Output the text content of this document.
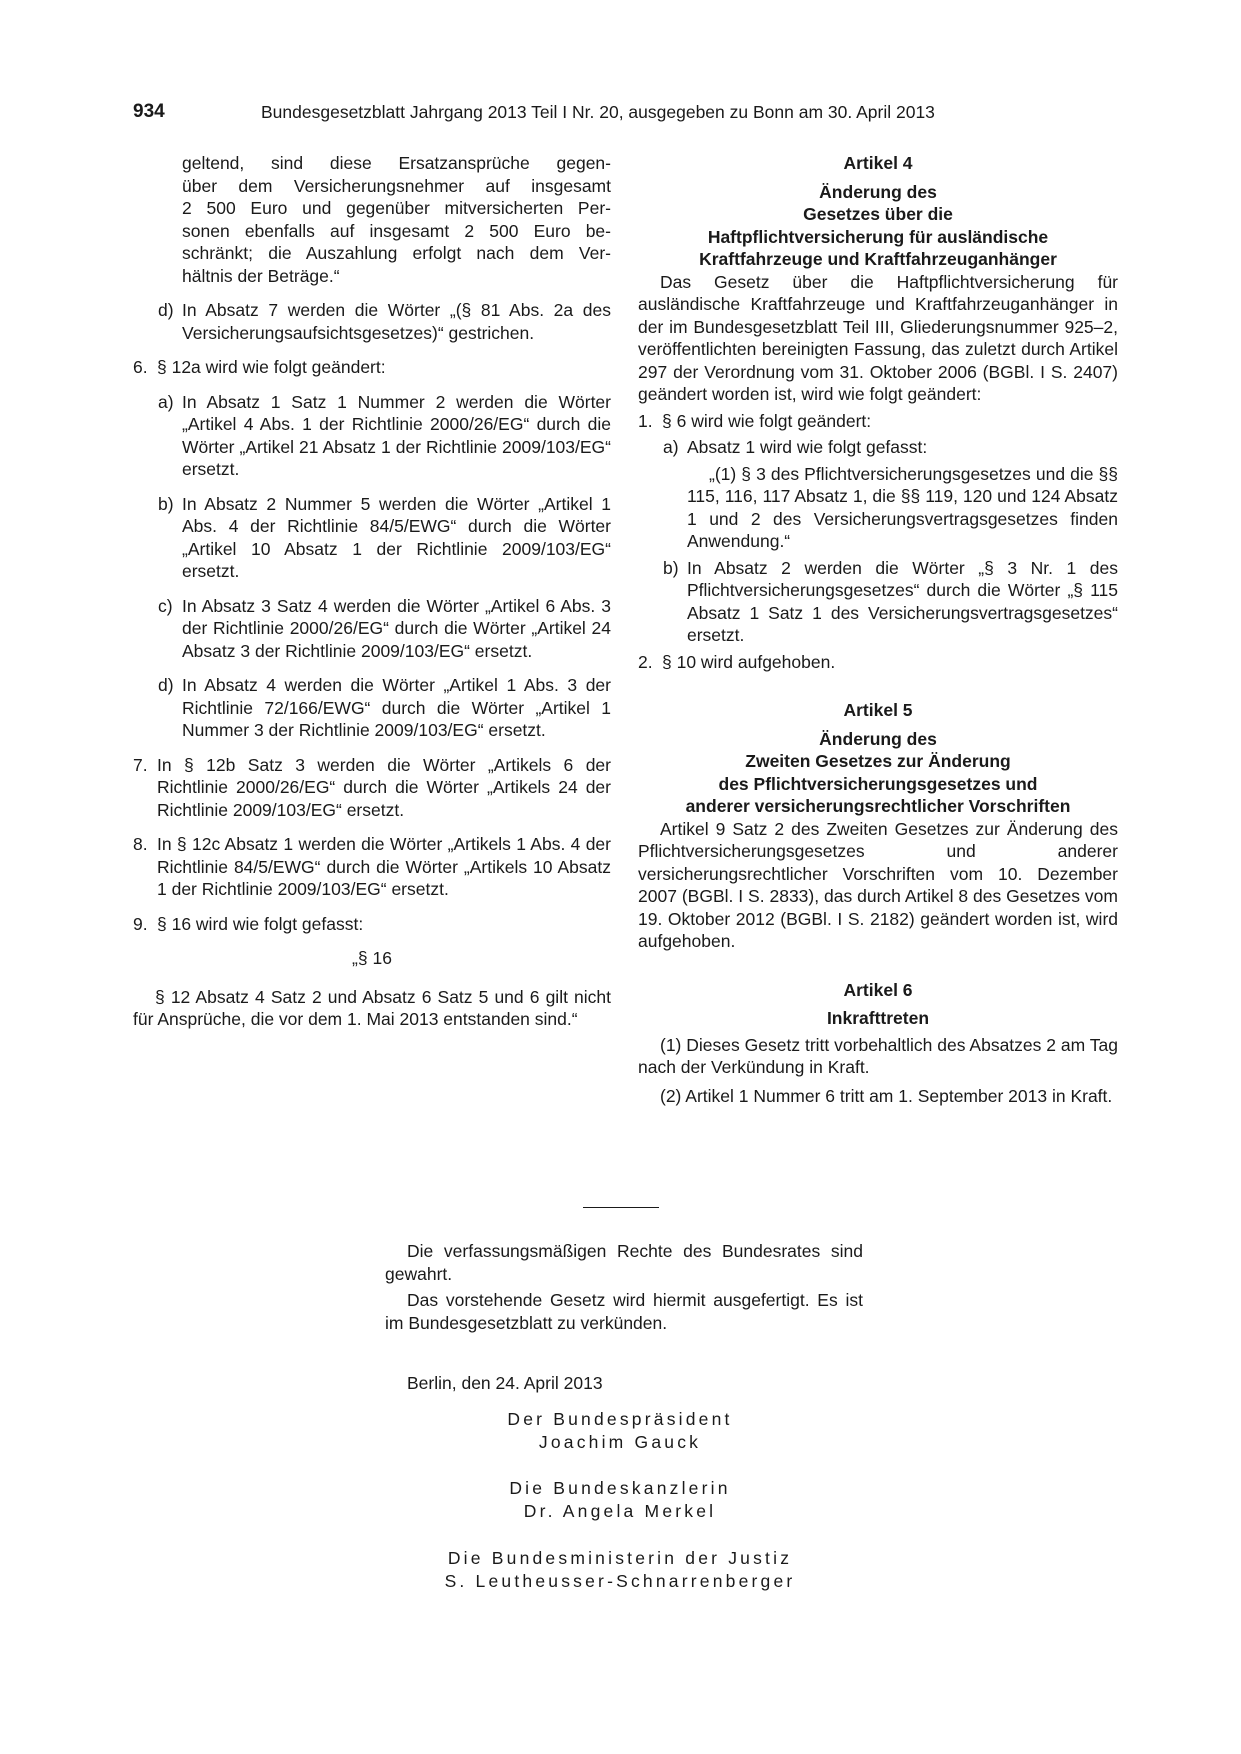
934	Bundesgesetzblatt Jahrgang 2013 Teil I Nr. 20, ausgegeben zu Bonn am 30. April 2013
geltend, sind diese Ersatzansprüche gegen-
über dem Versicherungsnehmer auf insgesamt
2 500 Euro und gegenüber mitversicherten Per-
sonen ebenfalls auf insgesamt 2 500 Euro be-
schränkt; die Auszahlung erfolgt nach dem Ver-
hältnis der Beträge.“
d) In Absatz 7 werden die Wörter „(§ 81 Abs. 2a des Versicherungsaufsichtsgesetzes)“ gestrichen.
6. § 12a wird wie folgt geändert:
a) In Absatz 1 Satz 1 Nummer 2 werden die Wörter „Artikel 4 Abs. 1 der Richtlinie 2000/26/EG“ durch die Wörter „Artikel 21 Absatz 1 der Richtlinie 2009/103/EG“ ersetzt.
b) In Absatz 2 Nummer 5 werden die Wörter „Artikel 1 Abs. 4 der Richtlinie 84/5/EWG“ durch die Wörter „Artikel 10 Absatz 1 der Richtlinie 2009/103/EG“ ersetzt.
c) In Absatz 3 Satz 4 werden die Wörter „Artikel 6 Abs. 3 der Richtlinie 2000/26/EG“ durch die Wörter „Artikel 24 Absatz 3 der Richtlinie 2009/103/EG“ ersetzt.
d) In Absatz 4 werden die Wörter „Artikel 1 Abs. 3 der Richtlinie 72/166/EWG“ durch die Wörter „Artikel 1 Nummer 3 der Richtlinie 2009/103/EG“ ersetzt.
7. In § 12b Satz 3 werden die Wörter „Artikels 6 der Richtlinie 2000/26/EG“ durch die Wörter „Artikels 24 der Richtlinie 2009/103/EG“ ersetzt.
8. In § 12c Absatz 1 werden die Wörter „Artikels 1 Abs. 4 der Richtlinie 84/5/EWG“ durch die Wörter „Artikels 10 Absatz 1 der Richtlinie 2009/103/EG“ ersetzt.
9. § 16 wird wie folgt gefasst:

„§ 16

§ 12 Absatz 4 Satz 2 und Absatz 6 Satz 5 und 6 gilt nicht für Ansprüche, die vor dem 1. Mai 2013 entstanden sind.“

Artikel 4
Änderung des
Gesetzes über die
Haftpflichtversicherung für ausländische
Kraftfahrzeuge und Kraftfahrzeuganhänger

Das Gesetz über die Haftpflichtversicherung für ausländische Kraftfahrzeuge und Kraftfahrzeuganhänger in der im Bundesgesetzblatt Teil III, Gliederungsnummer 925–2, veröffentlichten bereinigten Fassung, das zuletzt durch Artikel 297 der Verordnung vom 31. Oktober 2006 (BGBl. I S. 2407) geändert worden ist, wird wie folgt geändert:

1. § 6 wird wie folgt geändert:
a) Absatz 1 wird wie folgt gefasst:

„(1) § 3 des Pflichtversicherungsgesetzes und die §§ 115, 116, 117 Absatz 1, die §§ 119, 120 und 124 Absatz 1 und 2 des Versicherungsvertragsgesetzes finden Anwendung.“

b) In Absatz 2 werden die Wörter „§ 3 Nr. 1 des Pflichtversicherungsgesetzes“ durch die Wörter „§ 115 Absatz 1 Satz 1 des Versicherungsvertragsgesetzes“ ersetzt.
2. § 10 wird aufgehoben.
Artikel 5
Änderung des
Zweiten Gesetzes zur Änderung
des Pflichtversicherungsgesetzes und
anderer versicherungsrechtlicher Vorschriften

Artikel 9 Satz 2 des Zweiten Gesetzes zur Änderung des Pflichtversicherungsgesetzes und anderer versicherungsrechtlicher Vorschriften vom 10. Dezember 2007 (BGBl. I S. 2833), das durch Artikel 8 des Gesetzes vom 19. Oktober 2012 (BGBl. I S. 2182) geändert worden ist, wird aufgehoben.

Artikel 6
Inkrafttreten

(1) Dieses Gesetz tritt vorbehaltlich des Absatzes 2 am Tag nach der Verkündung in Kraft.

(2) Artikel 1 Nummer 6 tritt am 1. September 2013 in Kraft.

Die verfassungsmäßigen Rechte des Bundesrates sind gewahrt.

Das vorstehende Gesetz wird hiermit ausgefertigt. Es ist im Bundesgesetzblatt zu verkünden.

Berlin, den 24. April 2013

Der Bundespräsident
Joachim Gauck
Die Bundeskanzlerin
Dr. Angela Merkel
Die Bundesministerin der Justiz
S. Leutheusser-Schnarrenberger
